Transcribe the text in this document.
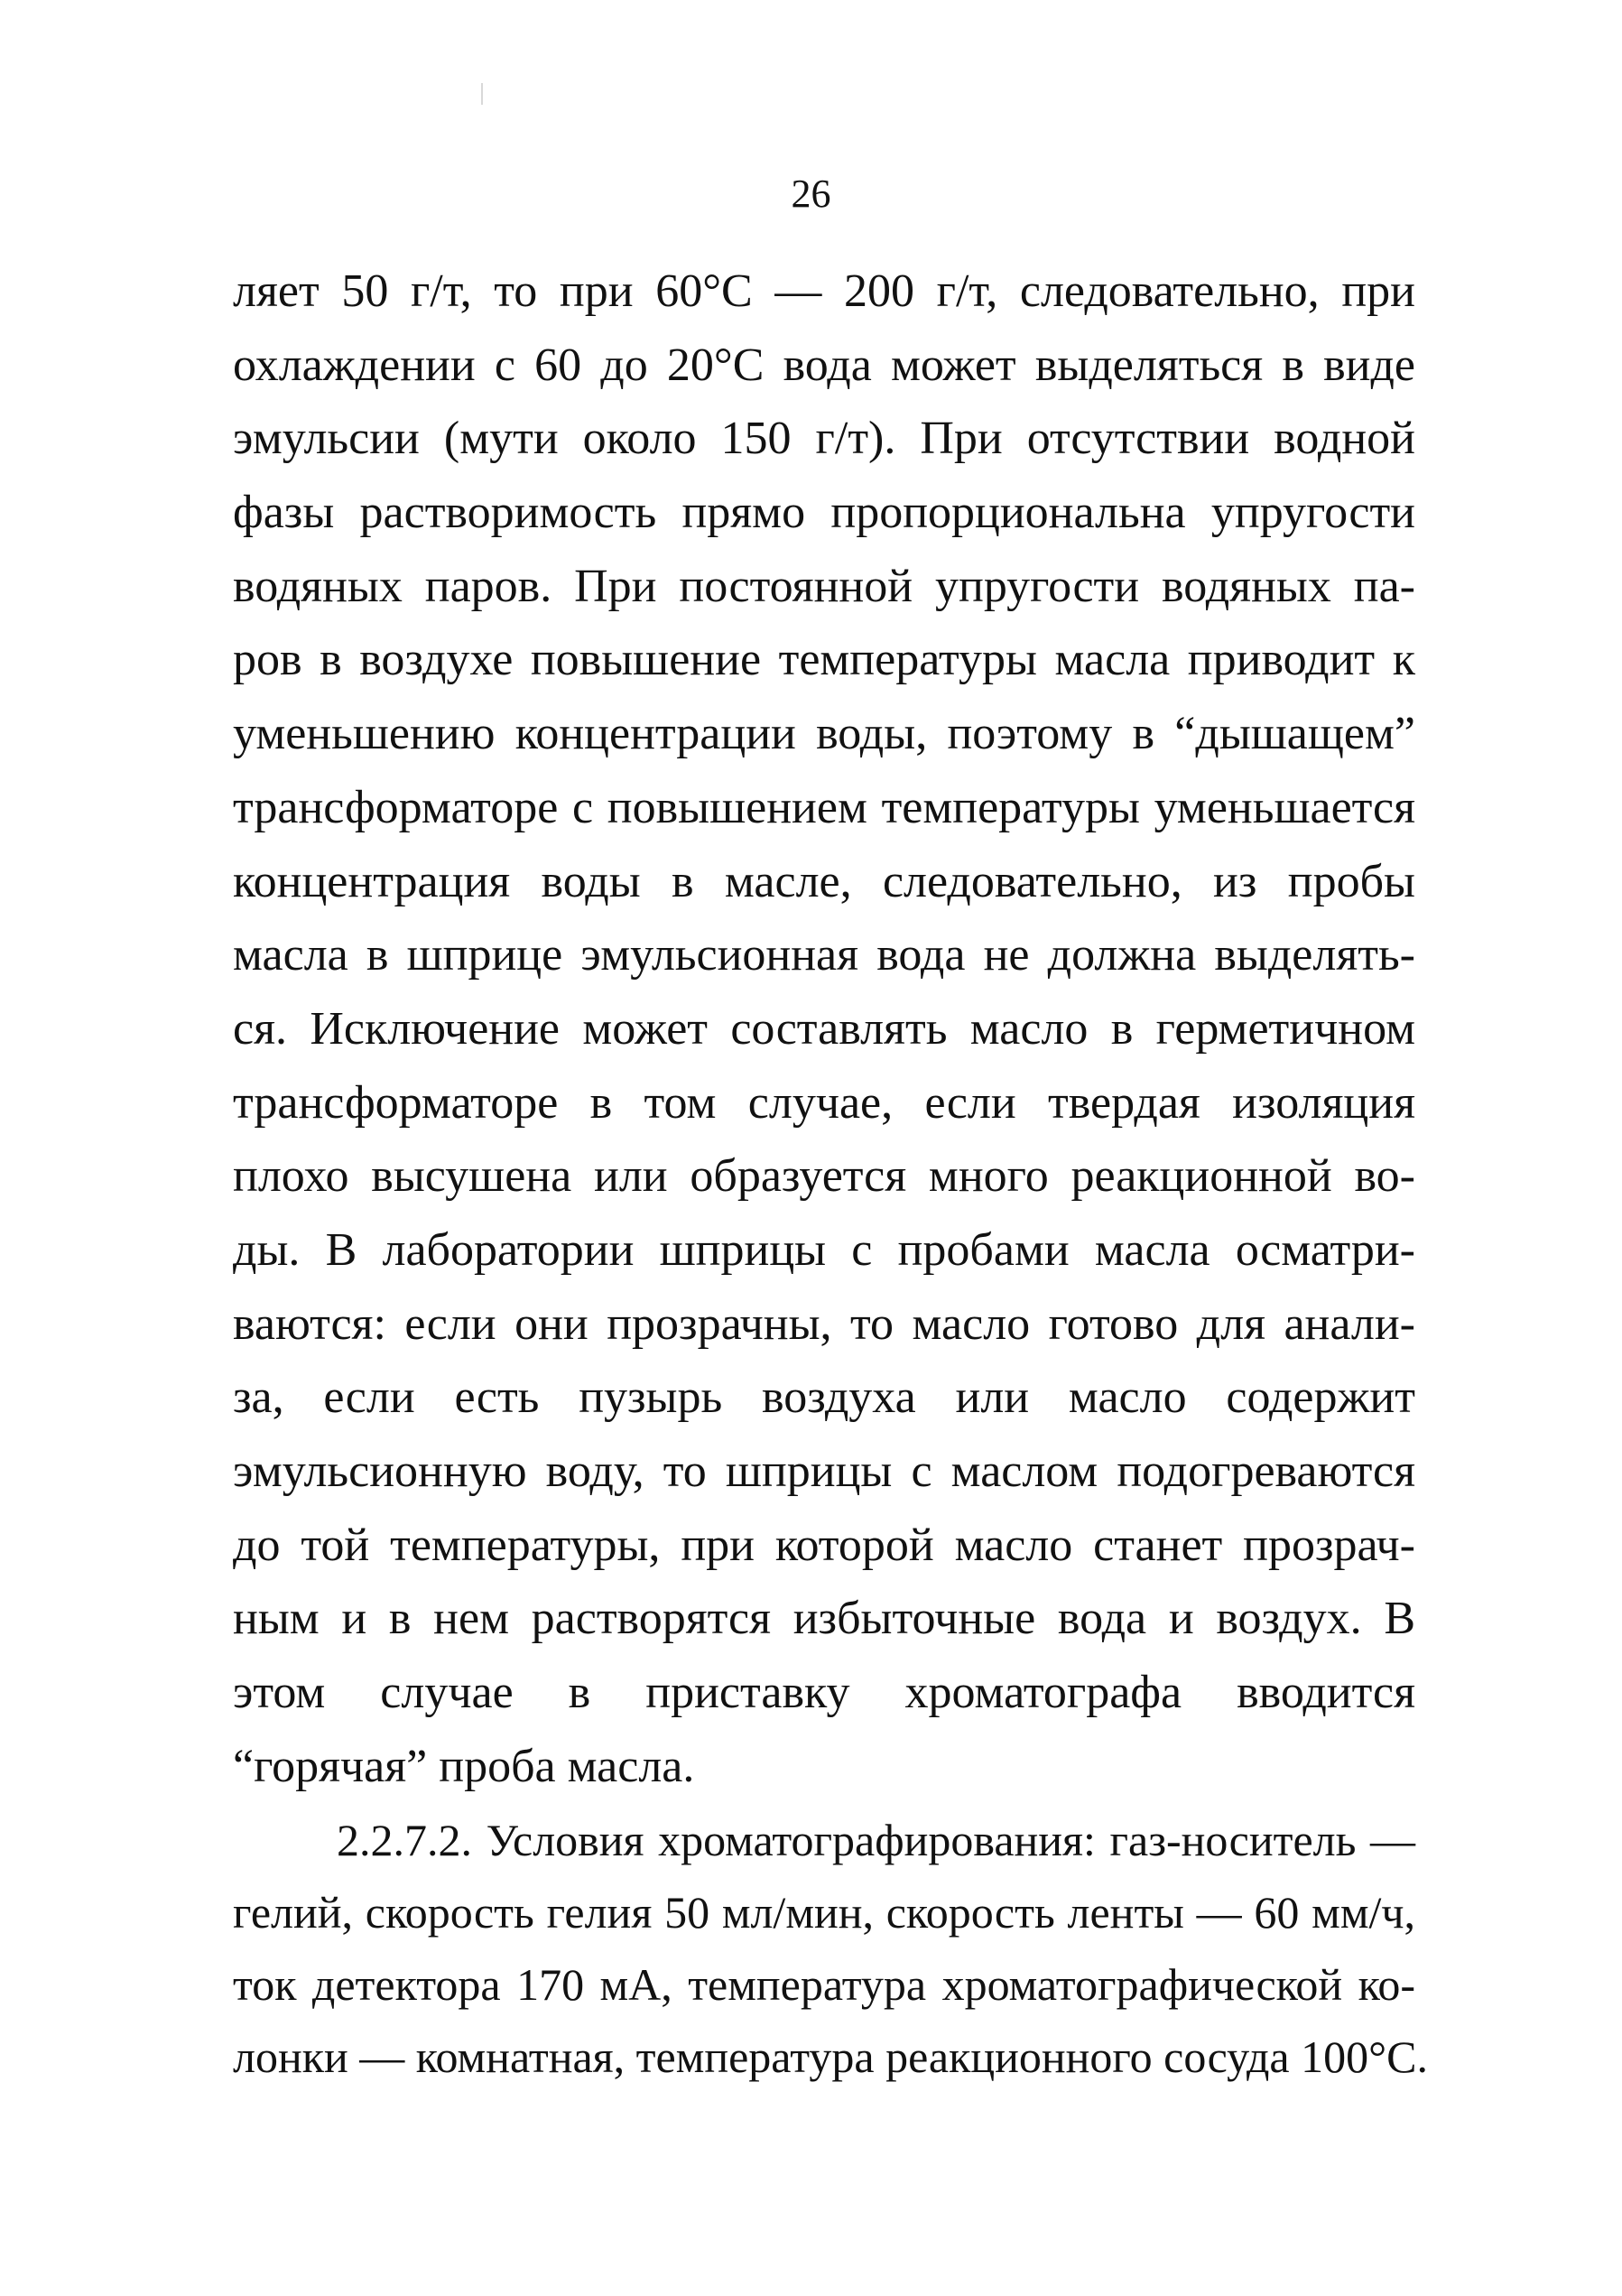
26
ляет 50 г/т, то при 60°С — 200 г/т, следовательно, при
охлаждении с 60 до 20°С вода может выделяться в виде
эмульсии (мути около 150 г/т). При отсутствии водной
фазы растворимость прямо пропорциональна упругости
водяных паров. При постоянной упругости водяных па-
ров в воздухе повышение температуры масла приводит к
уменьшению концентрации воды, поэтому в “дышащем”
трансформаторе с повышением температуры уменьшается
концентрация воды в масле, следовательно, из пробы
масла в шприце эмульсионная вода не должна выделять-
ся. Исключение может составлять масло в герметичном
трансформаторе в том случае, если твердая изоляция
плохо высушена или образуется много реакционной во-
ды. В лаборатории шприцы с пробами масла осматри-
ваются: если они прозрачны, то масло готово для анали-
за, если есть пузырь воздуха или масло содержит
эмульсионную воду, то шприцы с маслом подогреваются
до той температуры, при которой масло станет прозрач-
ным и в нем растворятся избыточные вода и воздух. В
этом случае в приставку хроматографа вводится
“горячая” проба масла.
2.2.7.2. Условия хроматографирования: газ-носитель —
гелий, скорость гелия 50 мл/мин, скорость ленты — 60 мм/ч,
ток детектора 170 мА, температура хроматографической ко-
лонки — комнатная, температура реакционного сосуда 100°С.
